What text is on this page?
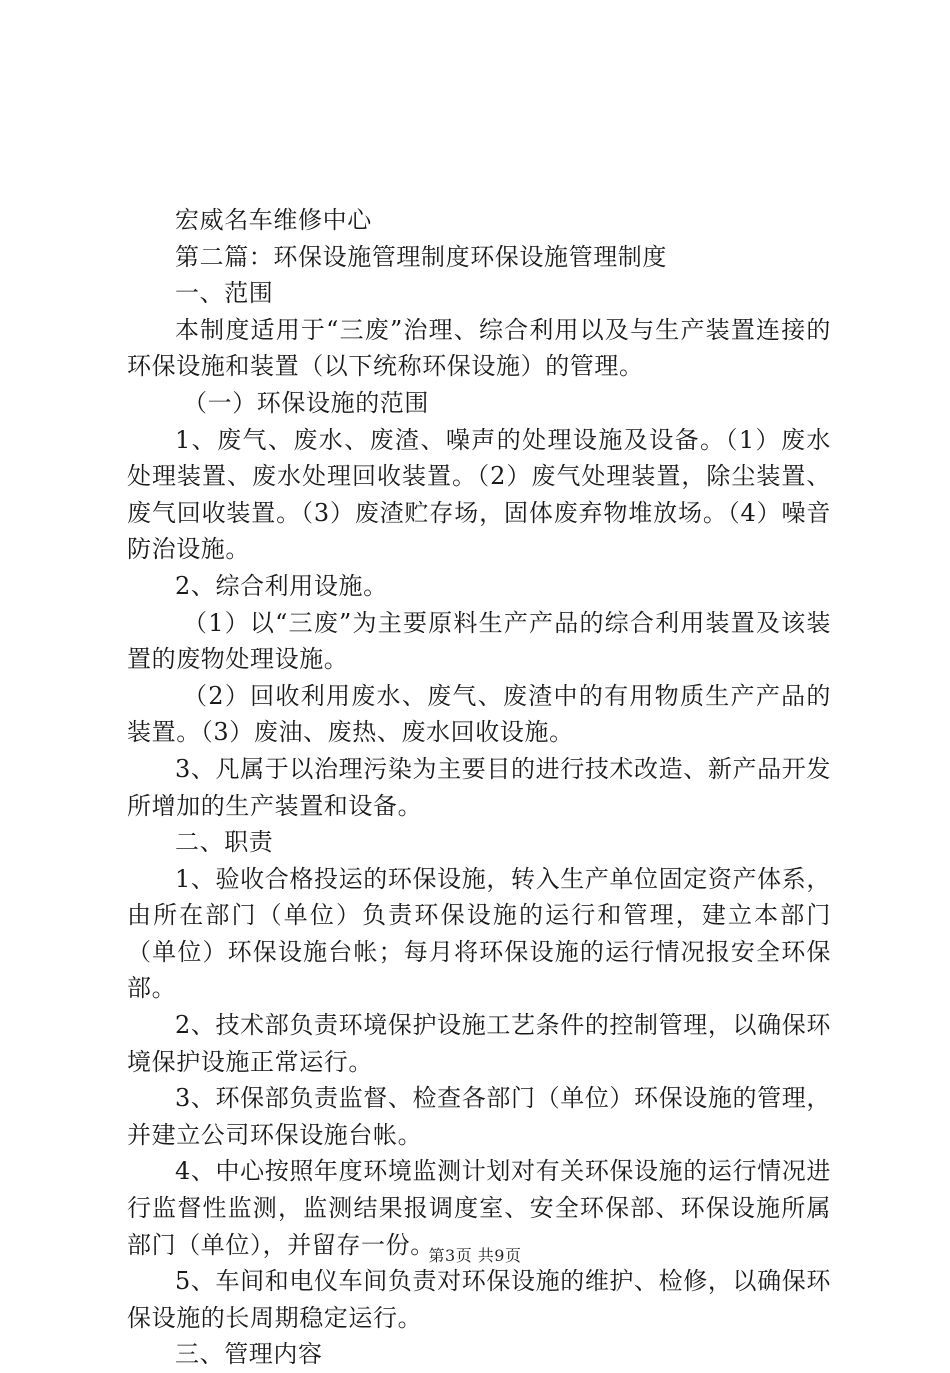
宏威名车维修中心

第二篇：环保设施管理制度环保设施管理制度

一、范围

本制度适用于“三废”治理、综合利用以及与生产装置连接的环保设施和装置（以下统称环保设施）的管理。

（一）环保设施的范围

1、废气、废水、废渣、噪声的处理设施及设备。（1）废水处理装置、废水处理回收装置。（2）废气处理装置，除尘装置、废气回收装置。（3）废渣贮存场，固体废弃物堆放场。（4）噪音防治设施。

2、综合利用设施。

（1）以“三废”为主要原料生产产品的综合利用装置及该装置的废物处理设施。

（2）回收利用废水、废气、废渣中的有用物质生产产品的装置。（3）废油、废热、废水回收设施。

3、凡属于以治理污染为主要目的进行技术改造、新产品开发所增加的生产装置和设备。

二、职责

1、验收合格投运的环保设施，转入生产单位固定资产体系，由所在部门（单位）负责环保设施的运行和管理，建立本部门（单位）环保设施台帐；每月将环保设施的运行情况报安全环保部。

2、技术部负责环境保护设施工艺条件的控制管理，以确保环境保护设施正常运行。

3、环保部负责监督、检查各部门（单位）环保设施的管理，并建立公司环保设施台帐。

4、中心按照年度环境监测计划对有关环保设施的运行情况进行监督性监测，监测结果报调度室、安全环保部、环保设施所属部门（单位），并留存一份。

5、车间和电仪车间负责对环保设施的维护、检修，以确保环保设施的长周期稳定运行。

三、管理内容

第3页 共9页
